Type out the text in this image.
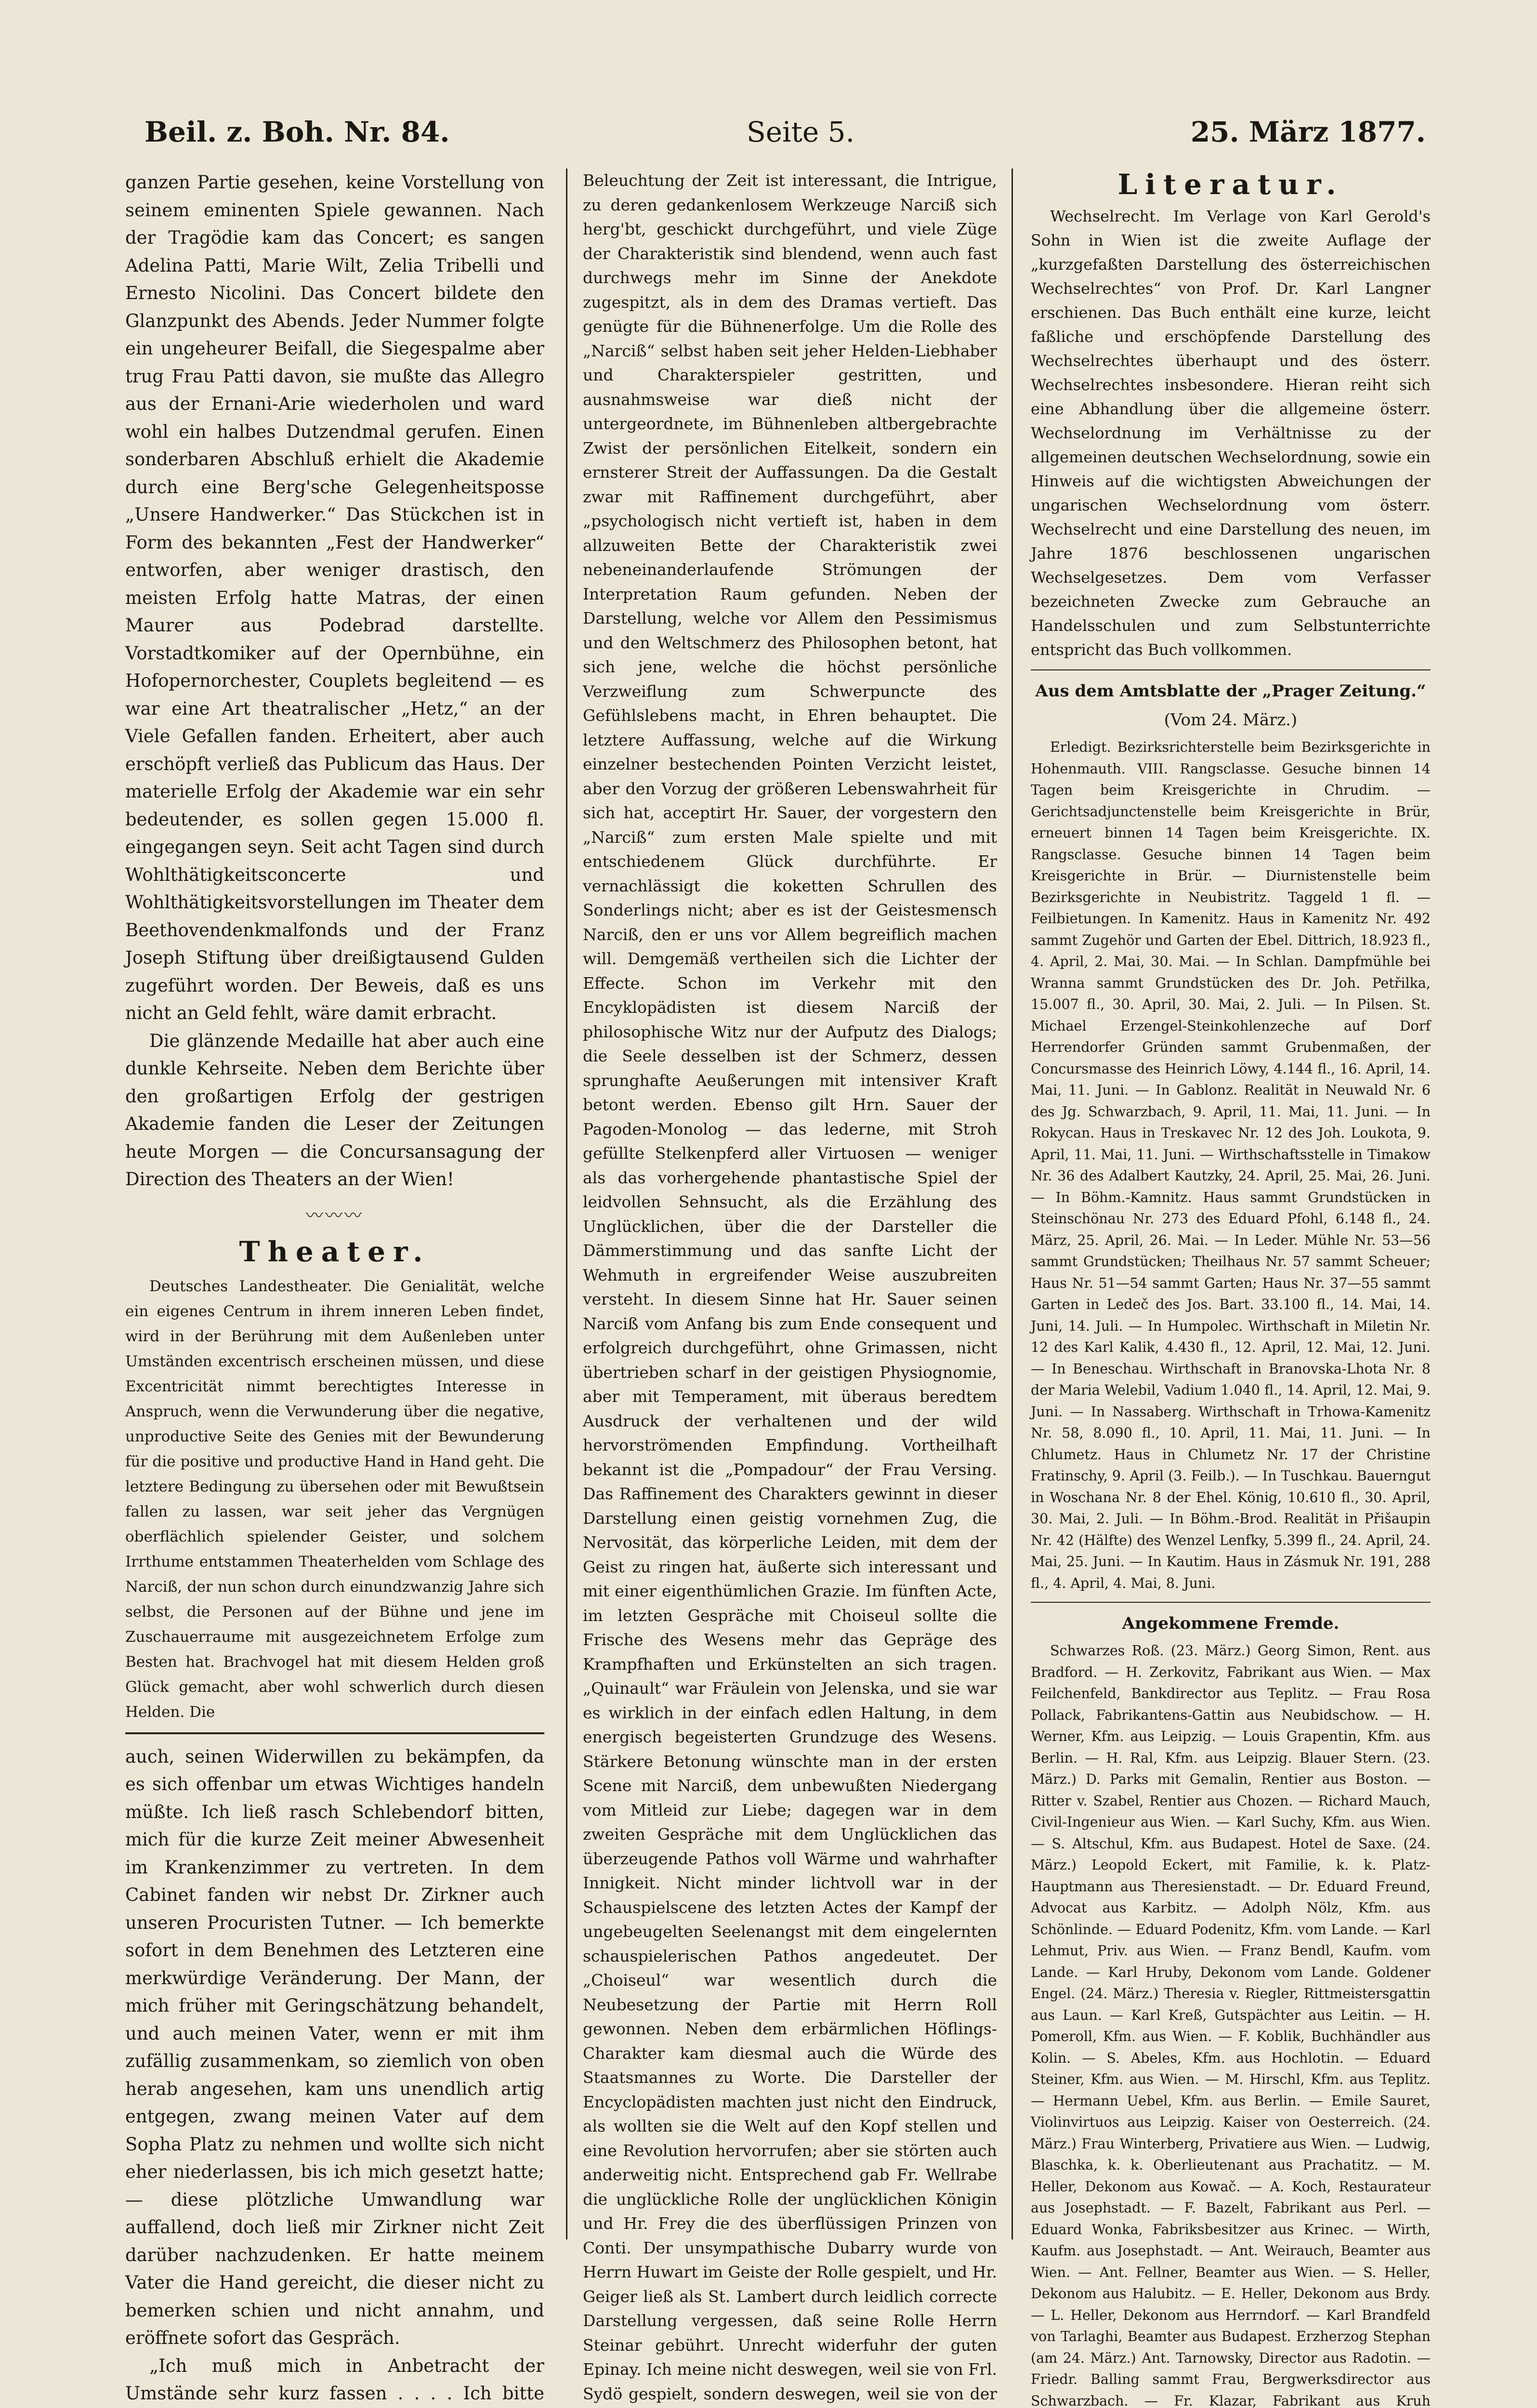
Beil. z. Boh. Nr. 84.	Seite 5.	25. März 1877.

ganzen Partie gesehen, keine Vorstellung von seinem eminenten Spiele gewannen. Nach der Tragödie kam das Concert; es sangen Adelina Patti, Marie Wilt, Zelia Tribelli und Ernesto Nicolini. Das Concert bildete den Glanzpunkt des Abends. Jeder Nummer folgte ein ungeheurer Beifall, die Siegespalme aber trug Frau Patti davon, sie mußte das Allegro aus der Ernani-Arie wiederholen und ward wohl ein halbes Dutzendmal gerufen. Einen sonderbaren Abschluß erhielt die Akademie durch eine Berg'sche Gelegenheitsposse „Unsere Handwerker.“ Das Stückchen ist in Form des bekannten „Fest der Handwerker“ entworfen, aber weniger drastisch, den meisten Erfolg hatte Matras, der einen Maurer aus Podebrad darstellte. Vorstadtkomiker auf der Opernbühne, ein Hofopernorchester, Couplets begleitend — es war eine Art theatralischer „Hetz,“ an der Viele Gefallen fanden. Erheitert, aber auch erschöpft verließ das Publicum das Haus. Der materielle Erfolg der Akademie war ein sehr bedeutender, es sollen gegen 15.000 fl. eingegangen seyn. Seit acht Tagen sind durch Wohlthätigkeitsconcerte und Wohlthätigkeitsvorstellungen im Theater dem Beethovendenkmalfonds und der Franz Joseph Stiftung über dreißigtausend Gulden zugeführt worden. Der Beweis, daß es uns nicht an Geld fehlt, wäre damit erbracht.

Die glänzende Medaille hat aber auch eine dunkle Kehrseite. Neben dem Berichte über den großartigen Erfolg der gestrigen Akademie fanden die Leser der Zeitungen heute Morgen — die Concursansagung der Direction des Theaters an der Wien!

〰〰〰
Theater.

Deutsches Landestheater. Die Genialität, welche ein eigenes Centrum in ihrem inneren Leben findet, wird in der Berührung mit dem Außenleben unter Umständen excentrisch erscheinen müssen, und diese Excentricität nimmt berechtigtes Interesse in Anspruch, wenn die Verwunderung über die negative, unproductive Seite des Genies mit der Bewunderung für die positive und productive Hand in Hand geht. Die letztere Bedingung zu übersehen oder mit Bewußtsein fallen zu lassen, war seit jeher das Vergnügen oberflächlich spielender Geister, und solchem Irrthume entstammen Theaterhelden vom Schlage des Narciß, der nun schon durch einundzwanzig Jahre sich selbst, die Personen auf der Bühne und jene im Zuschauerraume mit ausgezeichnetem Erfolge zum Besten hat. Brachvogel hat mit diesem Helden groß Glück gemacht, aber wohl schwerlich durch diesen Helden. Die

auch, seinen Widerwillen zu bekämpfen, da es sich offenbar um etwas Wichtiges handeln müßte. Ich ließ rasch Schlebendorf bitten, mich für die kurze Zeit meiner Abwesenheit im Krankenzimmer zu vertreten. In dem Cabinet fanden wir nebst Dr. Zirkner auch unseren Procuristen Tutner. — Ich bemerkte sofort in dem Benehmen des Letzteren eine merkwürdige Veränderung. Der Mann, der mich früher mit Geringschätzung behandelt, und auch meinen Vater, wenn er mit ihm zufällig zusammenkam, so ziemlich von oben herab angesehen, kam uns unendlich artig entgegen, zwang meinen Vater auf dem Sopha Platz zu nehmen und wollte sich nicht eher niederlassen, bis ich mich gesetzt hatte; — diese plötzliche Umwandlung war auffallend, doch ließ mir Zirkner nicht Zeit darüber nachzudenken. Er hatte meinem Vater die Hand gereicht, die dieser nicht zu bemerken schien und nicht annahm, und eröffnete sofort das Gespräch.

„Ich muß mich in Anbetracht der Umstände sehr kurz fassen . . . . Ich bitte

Beleuchtung der Zeit ist interessant, die Intrigue, zu deren gedankenlosem Werkzeuge Narciß sich herg'bt, geschickt durchgeführt, und viele Züge der Charakteristik sind blendend, wenn auch fast durchwegs mehr im Sinne der Anekdote zugespitzt, als in dem des Dramas vertieft. Das genügte für die Bühnenerfolge. Um die Rolle des „Narciß“ selbst haben seit jeher Helden-Liebhaber und Charakterspieler gestritten, und ausnahmsweise war dieß nicht der untergeordnete, im Bühnenleben altbergebrachte Zwist der persönlichen Eitelkeit, sondern ein ernsterer Streit der Auffassungen. Da die Gestalt zwar mit Raffinement durchgeführt, aber „psychologisch nicht vertieft ist, haben in dem allzuweiten Bette der Charakteristik zwei nebeneinanderlaufende Strömungen der Interpretation Raum gefunden. Neben der Darstellung, welche vor Allem den Pessimismus und den Weltschmerz des Philosophen betont, hat sich jene, welche die höchst persönliche Verzweiflung zum Schwerpuncte des Gefühlslebens macht, in Ehren behauptet. Die letztere Auffassung, welche auf die Wirkung einzelner bestechenden Pointen Verzicht leistet, aber den Vorzug der größeren Lebenswahrheit für sich hat, acceptirt Hr. Sauer, der vorgestern den „Narciß“ zum ersten Male spielte und mit entschiedenem Glück durchführte. Er vernachlässigt die koketten Schrullen des Sonderlings nicht; aber es ist der Geistesmensch Narciß, den er uns vor Allem begreiflich machen will. Demgemäß vertheilen sich die Lichter der Effecte. Schon im Verkehr mit den Encyklopädisten ist diesem Narciß der philosophische Witz nur der Aufputz des Dialogs; die Seele desselben ist der Schmerz, dessen sprunghafte Aeußerungen mit intensiver Kraft betont werden. Ebenso gilt Hrn. Sauer der Pagoden-Monolog — das lederne, mit Stroh gefüllte Stelkenpferd aller Virtuosen — weniger als das vorhergehende phantastische Spiel der leidvollen Sehnsucht, als die Erzählung des Unglücklichen, über die der Darsteller die Dämmerstimmung und das sanfte Licht der Wehmuth in ergreifender Weise auszubreiten versteht. In diesem Sinne hat Hr. Sauer seinen Narciß vom Anfang bis zum Ende consequent und erfolgreich durchgeführt, ohne Grimassen, nicht übertrieben scharf in der geistigen Physiognomie, aber mit Temperament, mit überaus beredtem Ausdruck der verhaltenen und der wild hervorströmenden Empfindung. Vortheilhaft bekannt ist die „Pompadour“ der Frau Versing. Das Raffinement des Charakters gewinnt in dieser Darstellung einen geistig vornehmen Zug, die Nervosität, das körperliche Leiden, mit dem der Geist zu ringen hat, äußerte sich interessant und mit einer eigenthümlichen Grazie. Im fünften Acte, im letzten Gespräche mit Choiseul sollte die Frische des Wesens mehr das Gepräge des Krampfhaften und Erkünstelten an sich tragen. „Quinault“ war Fräulein von Jelenska, und sie war es wirklich in der einfach edlen Haltung, in dem energisch begeisterten Grundzuge des Wesens. Stärkere Betonung wünschte man in der ersten Scene mit Narciß, dem unbewußten Niedergang vom Mitleid zur Liebe; dagegen war in dem zweiten Gespräche mit dem Unglücklichen das überzeugende Pathos voll Wärme und wahrhafter Innigkeit. Nicht minder lichtvoll war in der Schauspielscene des letzten Actes der Kampf der ungebeugelten Seelenangst mit dem eingelernten schauspielerischen Pathos angedeutet. Der „Choiseul“ war wesentlich durch die Neubesetzung der Partie mit Herrn Roll gewonnen. Neben dem erbärmlichen Höflings-Charakter kam diesmal auch die Würde des Staatsmannes zu Worte. Die Darsteller der Encyclopädisten machten just nicht den Eindruck, als wollten sie die Welt auf den Kopf stellen und eine Revolution hervorrufen; aber sie störten auch anderweitig nicht. Entsprechend gab Fr. Wellrabe die unglückliche Rolle der unglücklichen Königin und Hr. Frey die des überflüssigen Prinzen von Conti. Der unsympathische Dubarry wurde von Herrn Huwart im Geiste der Rolle gespielt, und Hr. Geiger ließ als St. Lambert durch leidlich correcte Darstellung vergessen, daß seine Rolle Herrn Steinar gebührt. Unrecht widerfuhr der guten Epinay. Ich meine nicht deswegen, weil sie von Frl. Sydö gespielt, sondern deswegen, weil sie von der

Literatur.

Wechselrecht. Im Verlage von Karl Gerold's Sohn in Wien ist die zweite Auflage der „kurzgefaßten Darstellung des österreichischen Wechselrechtes“ von Prof. Dr. Karl Langner erschienen. Das Buch enthält eine kurze, leicht faßliche und erschöpfende Darstellung des Wechselrechtes überhaupt und des österr. Wechselrechtes insbesondere. Hieran reiht sich eine Abhandlung über die allgemeine österr. Wechselordnung im Verhältnisse zu der allgemeinen deutschen Wechselordnung, sowie ein Hinweis auf die wichtigsten Abweichungen der ungarischen Wechselordnung vom österr. Wechselrecht und eine Darstellung des neuen, im Jahre 1876 beschlossenen ungarischen Wechselgesetzes. Dem vom Verfasser bezeichneten Zwecke zum Gebrauche an Handelsschulen und zum Selbstunterrichte entspricht das Buch vollkommen.

Aus dem Amtsblatte der „Prager Zeitung.“
(Vom 24. März.)

Erledigt. Bezirksrichterstelle beim Bezirksgerichte in Hohenmauth. VIII. Rangsclasse. Gesuche binnen 14 Tagen beim Kreisgerichte in Chrudim. — Gerichtsadjunctenstelle beim Kreisgerichte in Brür, erneuert binnen 14 Tagen beim Kreisgerichte. IX. Rangsclasse. Gesuche binnen 14 Tagen beim Kreisgerichte in Brür. — Diurnistenstelle beim Bezirksgerichte in Neubistritz. Taggeld 1 fl. — Feilbietungen. In Kamenitz. Haus in Kamenitz Nr. 492 sammt Zugehör und Garten der Ebel. Dittrich, 18.923 fl., 4. April, 2. Mai, 30. Mai. — In Schlan. Dampfmühle bei Wranna sammt Grundstücken des Dr. Joh. Petřilka, 15.007 fl., 30. April, 30. Mai, 2. Juli. — In Pilsen. St. Michael Erzengel-Steinkohlenzeche auf Dorf Herrendorfer Gründen sammt Grubenmaßen, der Concursmasse des Heinrich Löwy, 4.144 fl., 16. April, 14. Mai, 11. Juni. — In Gablonz. Realität in Neuwald Nr. 6 des Jg. Schwarzbach, 9. April, 11. Mai, 11. Juni. — In Rokycan. Haus in Treskavec Nr. 12 des Joh. Loukota, 9. April, 11. Mai, 11. Juni. — Wirthschaftsstelle in Timakow Nr. 36 des Adalbert Kautzky, 24. April, 25. Mai, 26. Juni. — In Böhm.-Kamnitz. Haus sammt Grundstücken in Steinschönau Nr. 273 des Eduard Pfohl, 6.148 fl., 24. März, 25. April, 26. Mai. — In Leder. Mühle Nr. 53—56 sammt Grundstücken; Theilhaus Nr. 57 sammt Scheuer; Haus Nr. 51—54 sammt Garten; Haus Nr. 37—55 sammt Garten in Ledeč des Jos. Bart. 33.100 fl., 14. Mai, 14. Juni, 14. Juli. — In Humpolec. Wirthschaft in Miletin Nr. 12 des Karl Kalik, 4.430 fl., 12. April, 12. Mai, 12. Juni. — In Beneschau. Wirthschaft in Branovska-Lhota Nr. 8 der Maria Welebil, Vadium 1.040 fl., 14. April, 12. Mai, 9. Juni. — In Nassaberg. Wirthschaft in Trhowa-Kamenitz Nr. 58, 8.090 fl., 10. April, 11. Mai, 11. Juni. — In Chlumetz. Haus in Chlumetz Nr. 17 der Christine Fratinschy, 9. April (3. Feilb.). — In Tuschkau. Bauerngut in Woschana Nr. 8 der Ehel. König, 10.610 fl., 30. April, 30. Mai, 2. Juli. — In Böhm.-Brod. Realität in Přišaupin Nr. 42 (Hälfte) des Wenzel Lenfky, 5.399 fl., 24. April, 24. Mai, 25. Juni. — In Kautim. Haus in Zásmuk Nr. 191, 288 fl., 4. April, 4. Mai, 8. Juni.

Angekommene Fremde.

Schwarzes Roß. (23. März.) Georg Simon, Rent. aus Bradford. — H. Zerkovitz, Fabrikant aus Wien. — Max Feilchenfeld, Bankdirector aus Teplitz. — Frau Rosa Pollack, Fabrikantens-Gattin aus Neubidschow. — H. Werner, Kfm. aus Leipzig. — Louis Grapentin, Kfm. aus Berlin. — H. Ral, Kfm. aus Leipzig. Blauer Stern. (23. März.) D. Parks mit Gemalin, Rentier aus Boston. — Ritter v. Szabel, Rentier aus Chozen. — Richard Mauch, Civil-Ingenieur aus Wien. — Karl Suchy, Kfm. aus Wien. — S. Altschul, Kfm. aus Budapest. Hotel de Saxe. (24. März.) Leopold Eckert, mit Familie, k. k. Platz-Hauptmann aus Theresienstadt. — Dr. Eduard Freund, Advocat aus Karbitz. — Adolph Nölz, Kfm. aus Schönlinde. — Eduard Podenitz, Kfm. vom Lande. — Karl Lehmut, Priv. aus Wien. — Franz Bendl, Kaufm. vom Lande. — Karl Hruby, Dekonom vom Lande. Goldener Engel. (24. März.) Theresia v. Riegler, Rittmeistersgattin aus Laun. — Karl Kreß, Gutspächter aus Leitin. — H. Pomeroll, Kfm. aus Wien. — F. Koblik, Buchhändler aus Kolin. — S. Abeles, Kfm. aus Hochlotin. — Eduard Steiner, Kfm. aus Wien. — M. Hirschl, Kfm. aus Teplitz. — Hermann Uebel, Kfm. aus Berlin. — Emile Sauret, Violinvirtuos aus Leipzig. Kaiser von Oesterreich. (24. März.) Frau Winterberg, Privatiere aus Wien. — Ludwig, Blaschka, k. k. Oberlieutenant aus Prachatitz. — M. Heller, Dekonom aus Kowač. — A. Koch, Restaurateur aus Josephstadt. — F. Bazelt, Fabrikant aus Perl. — Eduard Wonka, Fabriksbesitzer aus Krinec. — Wirth, Kaufm. aus Josephstadt. — Ant. Weirauch, Beamter aus Wien. — Ant. Fellner, Beamter aus Wien. — S. Heller, Dekonom aus Halubitz. — E. Heller, Dekonom aus Brdy. — L. Heller, Dekonom aus Herrndorf. — Karl Brandfeld von Tarlaghi, Beamter aus Budapest. Erzherzog Stephan (am 24. März.) Ant. Tarnowsky, Director aus Radotin. — Friedr. Balling sammt Frau, Bergwerksdirector aus Schwarzbach. — Fr. Klazar, Fabrikant aus Kruh
